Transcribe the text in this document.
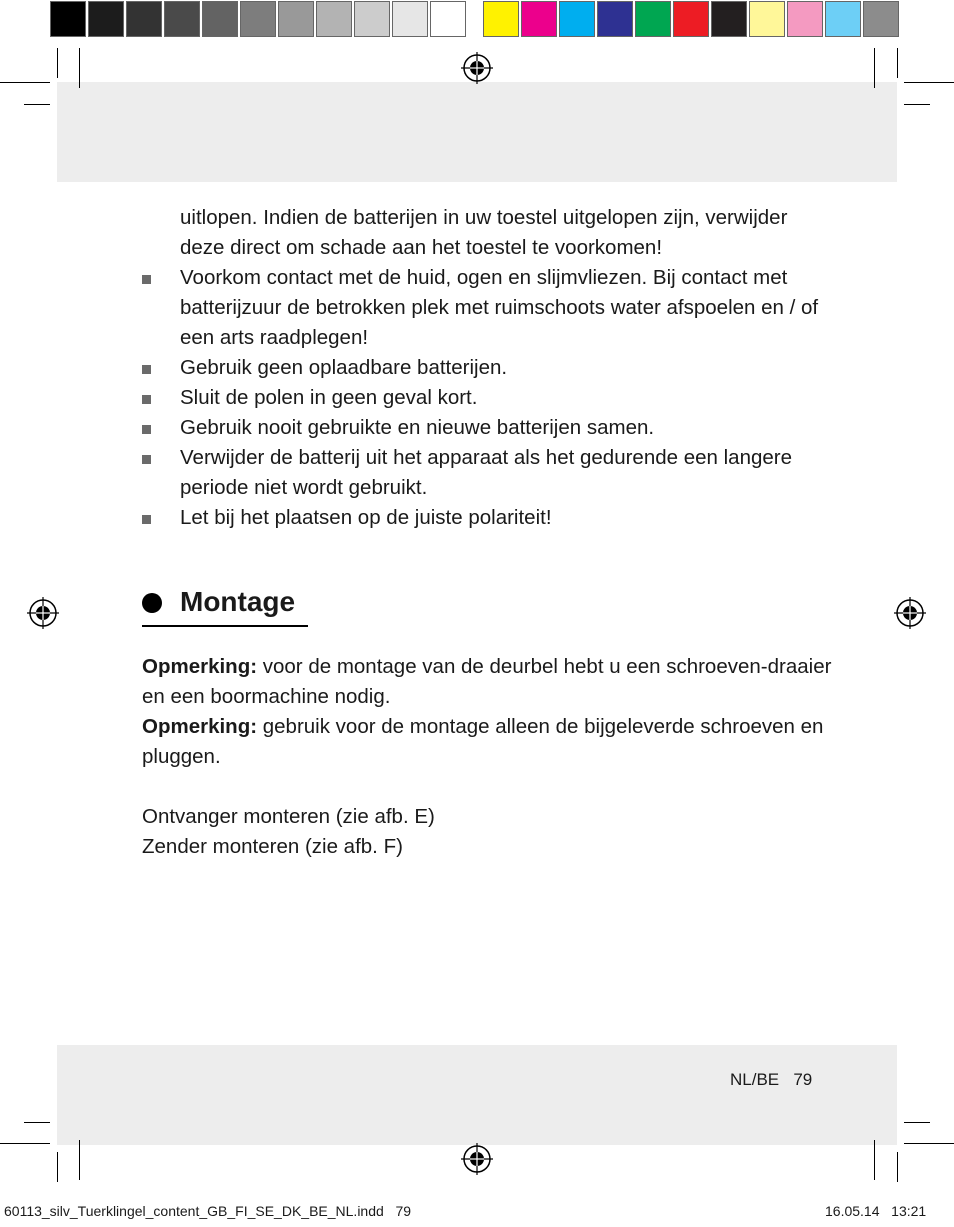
uitlopen. Indien de batterijen in uw toestel uitgelopen zijn, verwijder
deze direct om schade aan het toestel te voorkomen!
Voorkom contact met de huid, ogen en slijmvliezen. Bij contact met batterijzuur de betrokken plek met ruimschoots water afspoelen en / of een arts raadplegen!
Gebruik geen oplaadbare batterijen.
Sluit de polen in geen geval kort.
Gebruik nooit gebruikte en nieuwe batterijen samen.
Verwijder de batterij uit het apparaat als het gedurende een langere periode niet wordt gebruikt.
Let bij het plaatsen op de juiste polariteit!
Montage

Opmerking: voor de montage van de deurbel hebt u een schroeven-draaier en een boormachine nodig.

Opmerking: gebruik voor de montage alleen de bijgeleverde schroeven en pluggen.

Ontvanger monteren (zie afb. E)

Zender monteren (zie afb. F)

NL/BE 79
60113_silv_Tuerklingel_content_GB_FI_SE_DK_BE_NL.indd 79	16.05.14 13:21
